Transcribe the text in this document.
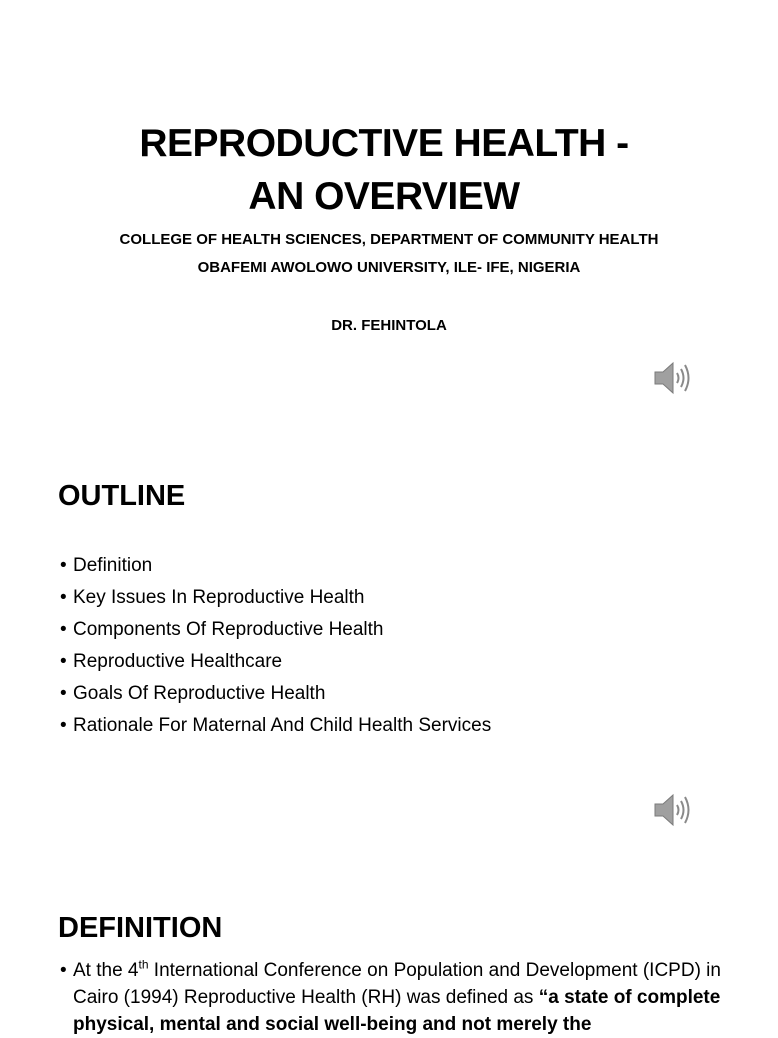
REPRODUCTIVE HEALTH -
AN OVERVIEW
COLLEGE OF HEALTH SCIENCES, DEPARTMENT OF COMMUNITY HEALTH
OBAFEMI AWOLOWO UNIVERSITY, ILE- IFE, NIGERIA
DR. FEHINTOLA
OUTLINE
• Definition
• Key Issues In Reproductive Health
• Components Of Reproductive Health
• Reproductive Healthcare
• Goals Of Reproductive Health
• Rationale For Maternal And Child Health Services
DEFINITION
• At the 4th International Conference on Population and Development (ICPD) in Cairo (1994) Reproductive Health (RH) was defined as “a state of complete physical, mental and social well-being and not merely the
